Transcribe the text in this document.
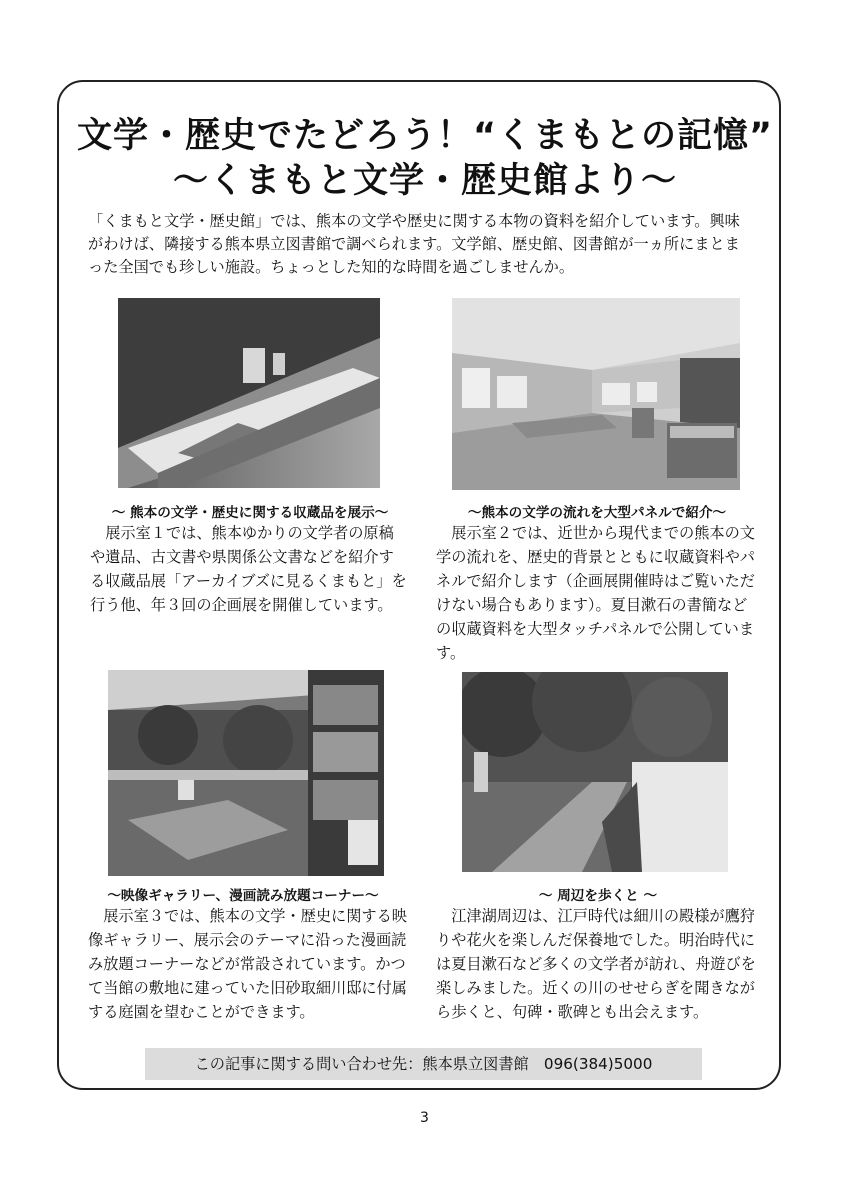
文学・歴史でたどろう！“くまもとの記憶”
～くまもと文学・歴史館より～
「くまもと文学・歴史館」では、熊本の文学や歴史に関する本物の資料を紹介しています。興味がわけば、隣接する熊本県立図書館で調べられます。文学館、歴史館、図書館が一ヵ所にまとまった全国でも珍しい施設。ちょっとした知的な時間を過ごしませんか。
～ 熊本の文学・歴史に関する収蔵品を展示～
展示室１では、熊本ゆかりの文学者の原稿や遺品、古文書や県関係公文書などを紹介する収蔵品展「アーカイブズに見るくまもと」を行う他、年３回の企画展を開催しています。
～熊本の文学の流れを大型パネルで紹介～
展示室２では、近世から現代までの熊本の文学の流れを、歴史的背景とともに収蔵資料やパネルで紹介します（企画展開催時はご覧いただけない場合もあります）。夏目漱石の書簡などの収蔵資料を大型タッチパネルで公開しています。
～映像ギャラリー、漫画読み放題コーナー～
展示室３では、熊本の文学・歴史に関する映像ギャラリー、展示会のテーマに沿った漫画読み放題コーナーなどが常設されています。かつて当館の敷地に建っていた旧砂取細川邸に付属する庭園を望むことができます。
～ 周辺を歩くと ～
江津湖周辺は、江戸時代は細川の殿様が鷹狩りや花火を楽しんだ保養地でした。明治時代には夏目漱石など多くの文学者が訪れ、舟遊びを楽しみました。近くの川のせせらぎを聞きながら歩くと、句碑・歌碑とも出会えます。
この記事に関する問い合わせ先：熊本県立図書館　096(384)5000
3
